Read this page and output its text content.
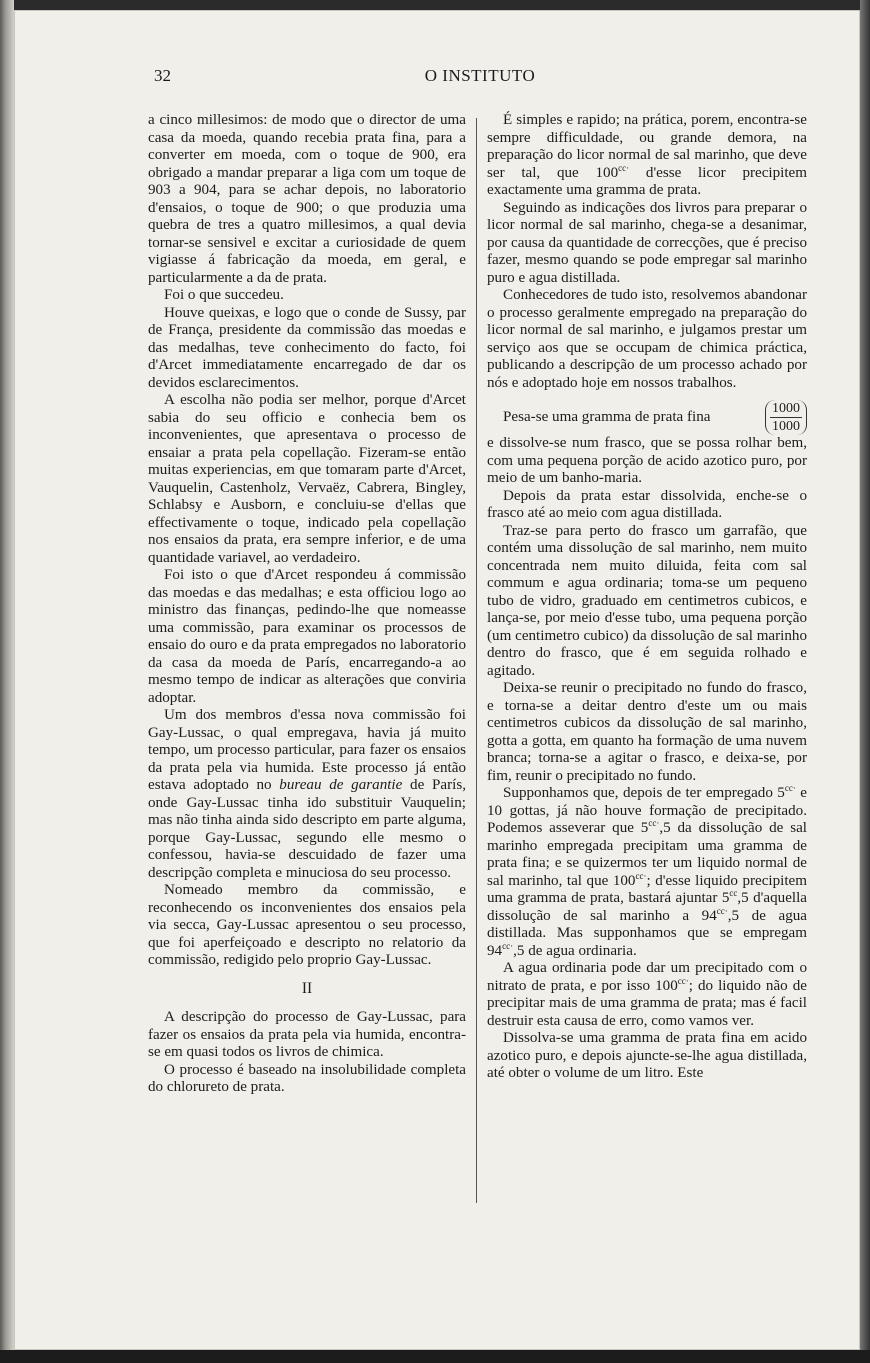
32	O INSTITUTO

a cinco millesimos: de modo que o director de uma casa da moeda, quando recebia prata fina, para a converter em moeda, com o toque de 900, era obrigado a mandar preparar a liga com um toque de 903 a 904, para se achar depois, no laboratorio d'ensaios, o toque de 900; o que produzia uma quebra de tres a quatro millesimos, a qual devia tornar-se sensivel e excitar a curiosidade de quem vigiasse á fabricação da moeda, em geral, e particularmente a da de prata.

Foi o que succedeu.

Houve queixas, e logo que o conde de Sussy, par de França, presidente da commissão das moedas e das medalhas, teve conhecimento do facto, foi d'Arcet immediatamente encarregado de dar os devidos esclarecimentos.

A escolha não podia ser melhor, porque d'Arcet sabia do seu officio e conhecia bem os inconvenientes, que apresentava o processo de ensaiar a prata pela copellação. Fizeram-se então muitas experiencias, em que tomaram parte d'Arcet, Vauquelin, Castenholz, Vervaëz, Cabrera, Bingley, Schlabsy e Ausborn, e concluiu-se d'ellas que effectivamente o toque, indicado pela copellação nos ensaios da prata, era sempre inferior, e de uma quantidade variavel, ao verdadeiro.

Foi isto o que d'Arcet respondeu á commissão das moedas e das medalhas; e esta officiou logo ao ministro das finanças, pedindo-lhe que nomeasse uma commissão, para examinar os processos de ensaio do ouro e da prata empregados no laboratorio da casa da moeda de París, encarregando-a ao mesmo tempo de indicar as alterações que conviria adoptar.

Um dos membros d'essa nova commissão foi Gay-Lussac, o qual empregava, havia já muito tempo, um processo particular, para fazer os ensaios da prata pela via humida. Este processo já então estava adoptado no bureau de garantie de París, onde Gay-Lussac tinha ido substituir Vauquelin; mas não tinha ainda sido descripto em parte alguma, porque Gay-Lussac, segundo elle mesmo o confessou, havia-se descuidado de fazer uma descripção completa e minuciosa do seu processo.

Nomeado membro da commissão, e reconhecendo os inconvenientes dos ensaios pela via secca, Gay-Lussac apresentou o seu processo, que foi aperfeiçoado e descripto no relatorio da commissão, redigido pelo proprio Gay-Lussac.

II

A descripção do processo de Gay-Lussac, para fazer os ensaios da prata pela via humida, encontra-se em quasi todos os livros de chimica.

O processo é baseado na insolubilidade completa do chlorureto de prata.

É simples e rapido; na prática, porem, encontra-se sempre difficuldade, ou grande demora, na preparação do licor normal de sal marinho, que deve ser tal, que $100^{cc\cdot}$ d'esse licor precipitem exactamente uma gramma de prata.

Seguindo as indicações dos livros para preparar o licor normal de sal marinho, chega-se a desanimar, por causa da quantidade de correcções, que é preciso fazer, mesmo quando se pode empregar sal marinho puro e agua distillada.

Conhecedores de tudo isto, resolvemos abandonar o processo geralmente empregado na preparação do licor normal de sal marinho, e julgamos prestar um serviço aos que se occupam de chimica práctica, publicando a descripção de um processo achado por nós e adoptado hoje em nossos trabalhos.

Pesa-se uma gramma de prata fina	$\frac{1000}{1000}$

e dissolve-se num frasco, que se possa rolhar bem, com uma pequena porção de acido azotico puro, por meio de um banho-maria.

Depois da prata estar dissolvida, enche-se o frasco até ao meio com agua distillada.

Traz-se para perto do frasco um garrafão, que contém uma dissolução de sal marinho, nem muito concentrada nem muito diluida, feita com sal commum e agua ordinaria; toma-se um pequeno tubo de vidro, graduado em centimetros cubicos, e lança-se, por meio d'esse tubo, uma pequena porção (um centimetro cubico) da dissolução de sal marinho dentro do frasco, que é em seguida rolhado e agitado.

Deixa-se reunir o precipitado no fundo do frasco, e torna-se a deitar dentro d'este um ou mais centimetros cubicos da dissolução de sal marinho, gotta a gotta, em quanto ha formação de uma nuvem branca; torna-se a agitar o frasco, e deixa-se, por fim, reunir o precipitado no fundo.

Supponhamos que, depois de ter empregado $5^{cc\cdot}$ e 10 gottas, já não houve formação de precipitado. Podemos asseverar que $5^{cc\cdot},5$ da dissolução de sal marinho empregada precipitam uma gramma de prata fina; e se quizermos ter um liquido normal de sal marinho, tal que $100^{cc\cdot}$; d'esse liquido precipitem uma gramma de prata, bastará ajuntar $5^{cc},5$ d'aquella dissolução de sal marinho a $94^{cc\cdot},5$ de agua distillada. Mas supponhamos que se empregam $94^{cc\cdot},5$ de agua ordinaria.

A agua ordinaria pode dar um precipitado com o nitrato de prata, e por isso $100^{cc\cdot}$; do liquido não de precipitar mais de uma gramma de prata; mas é facil destruir esta causa de erro, como vamos ver.

Dissolva-se uma gramma de prata fina em acido azotico puro, e depois ajuncte-se-lhe agua distillada, até obter o volume de um litro. Este
